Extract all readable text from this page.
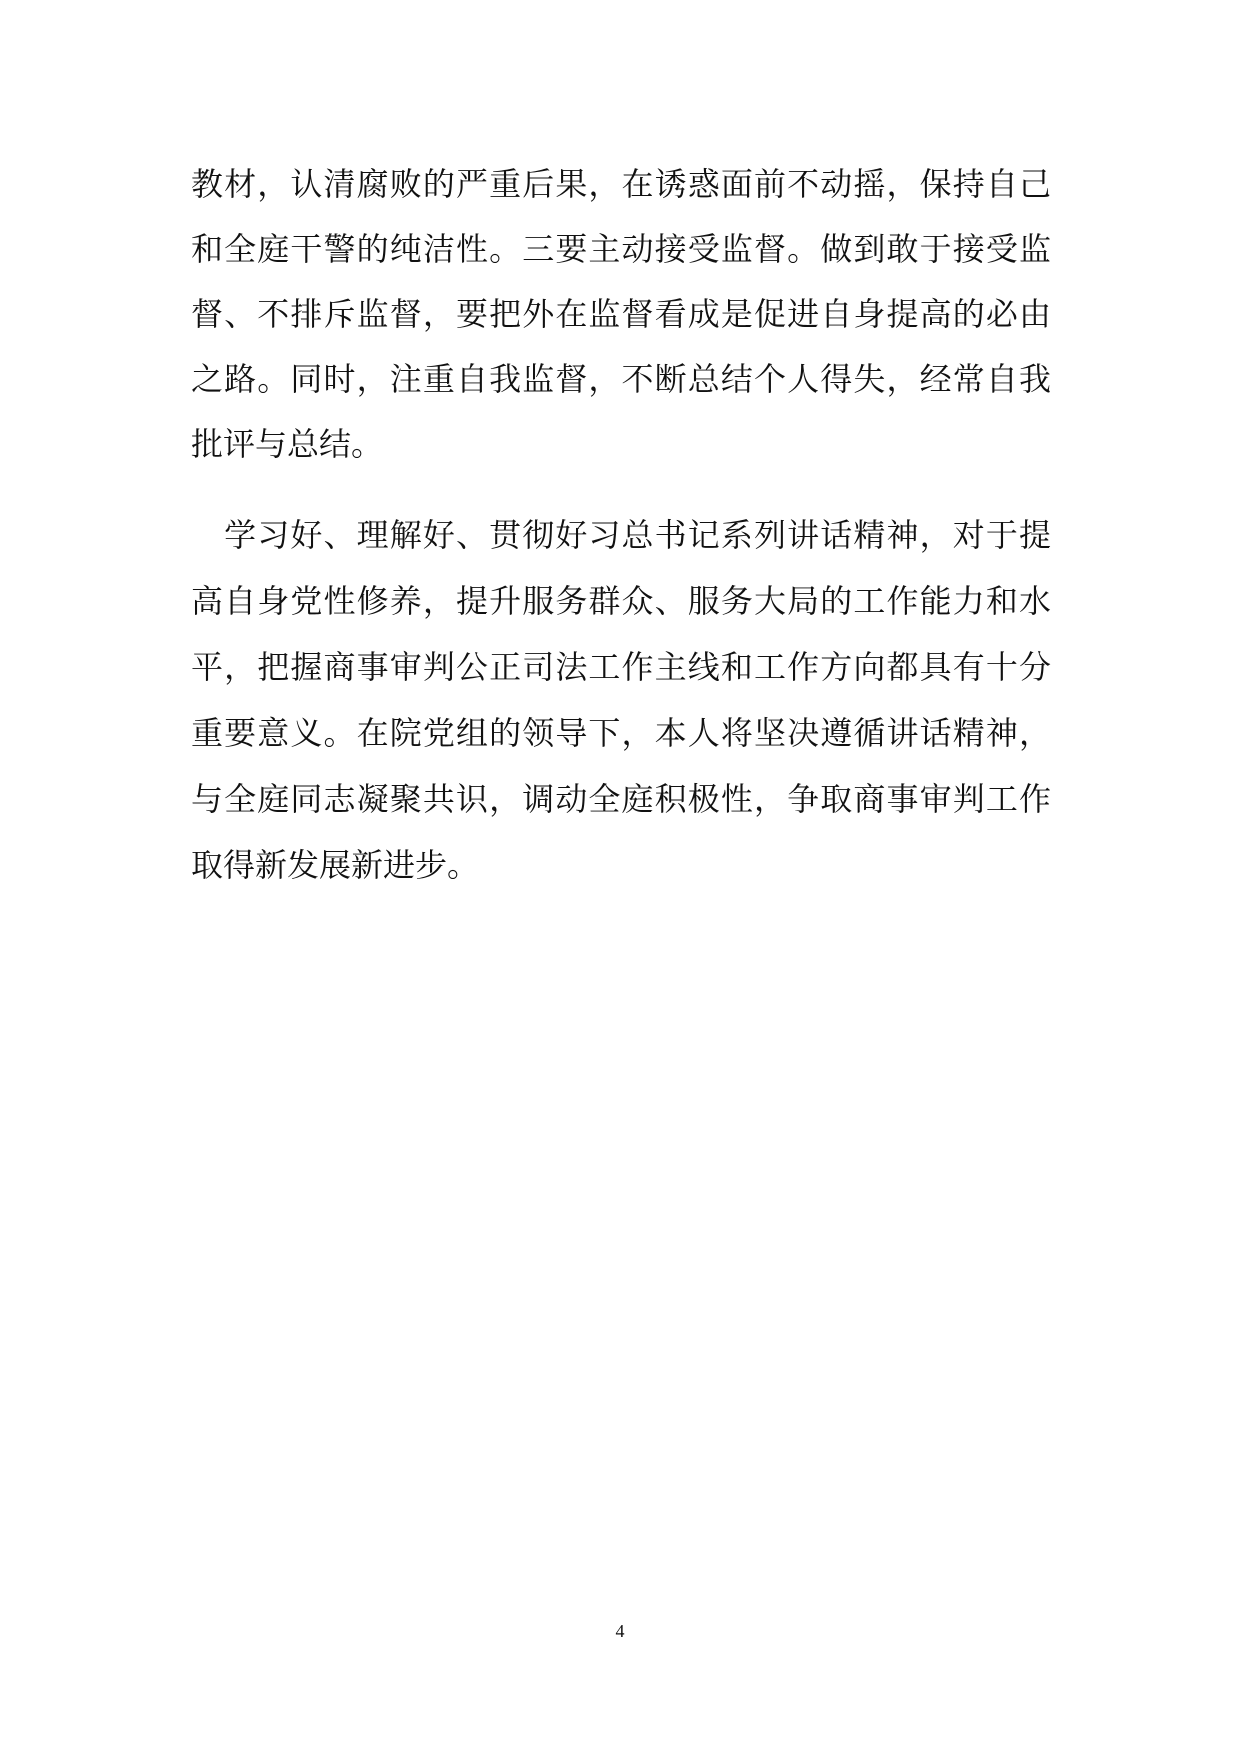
教材，认清腐败的严重后果，在诱惑面前不动摇，保持自己
和全庭干警的纯洁性。三要主动接受监督。做到敢于接受监
督、不排斥监督，要把外在监督看成是促进自身提高的必由
之路。同时，注重自我监督，不断总结个人得失，经常自我
批评与总结。
　学习好、理解好、贯彻好习总书记系列讲话精神，对于提
高自身党性修养，提升服务群众、服务大局的工作能力和水
平，把握商事审判公正司法工作主线和工作方向都具有十分
重要意义。在院党组的领导下，本人将坚决遵循讲话精神，
与全庭同志凝聚共识，调动全庭积极性，争取商事审判工作
取得新发展新进步。
4
